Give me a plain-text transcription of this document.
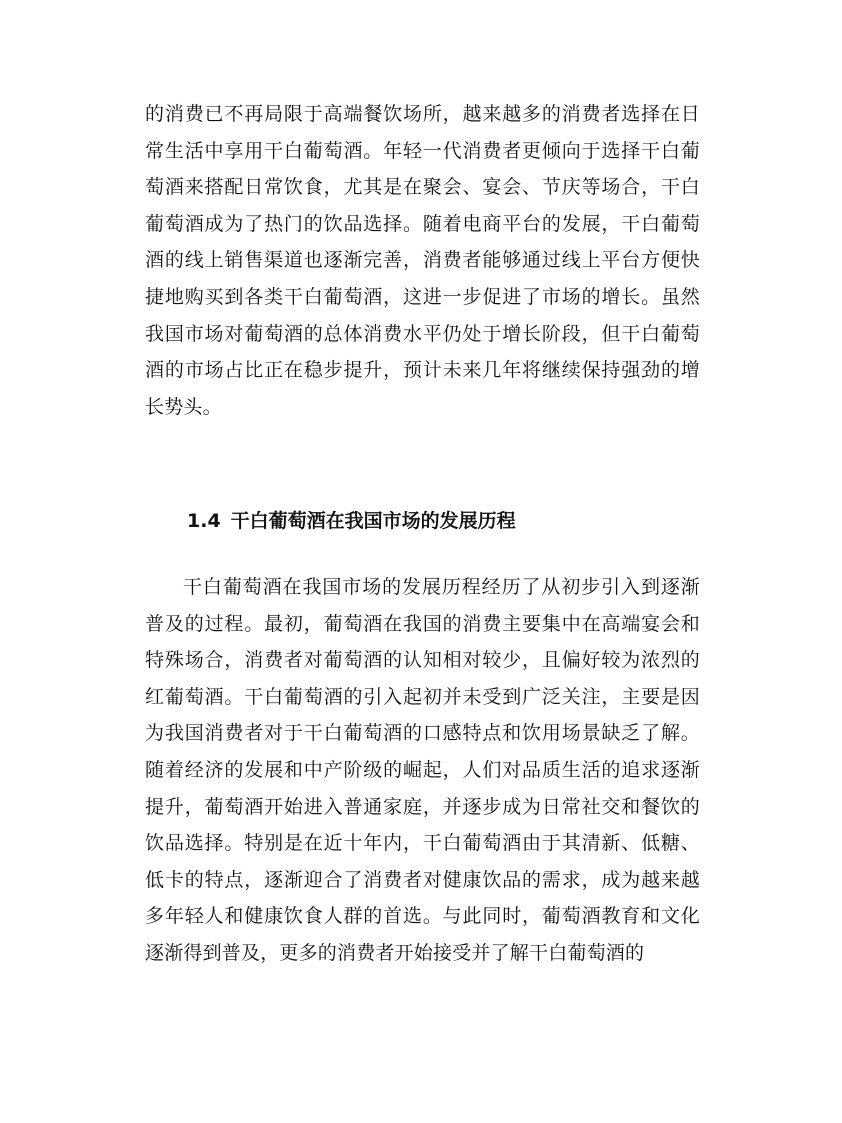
的消费已不再局限于高端餐饮场所，越来越多的消费者选择在日常生活中享用干白葡萄酒。年轻一代消费者更倾向于选择干白葡萄酒来搭配日常饮食，尤其是在聚会、宴会、节庆等场合，干白葡萄酒成为了热门的饮品选择。随着电商平台的发展，干白葡萄酒的线上销售渠道也逐渐完善，消费者能够通过线上平台方便快捷地购买到各类干白葡萄酒，这进一步促进了市场的增长。虽然我国市场对葡萄酒的总体消费水平仍处于增长阶段，但干白葡萄酒的市场占比正在稳步提升，预计未来几年将继续保持强劲的增长势头。

1.4 干白葡萄酒在我国市场的发展历程

干白葡萄酒在我国市场的发展历程经历了从初步引入到逐渐普及的过程。最初，葡萄酒在我国的消费主要集中在高端宴会和特殊场合，消费者对葡萄酒的认知相对较少，且偏好较为浓烈的红葡萄酒。干白葡萄酒的引入起初并未受到广泛关注，主要是因为我国消费者对于干白葡萄酒的口感特点和饮用场景缺乏了解。随着经济的发展和中产阶级的崛起，人们对品质生活的追求逐渐提升，葡萄酒开始进入普通家庭，并逐步成为日常社交和餐饮的饮品选择。特别是在近十年内，干白葡萄酒由于其清新、低糖、低卡的特点，逐渐迎合了消费者对健康饮品的需求，成为越来越多年轻人和健康饮食人群的首选。与此同时，葡萄酒教育和文化逐渐得到普及，更多的消费者开始接受并了解干白葡萄酒的
